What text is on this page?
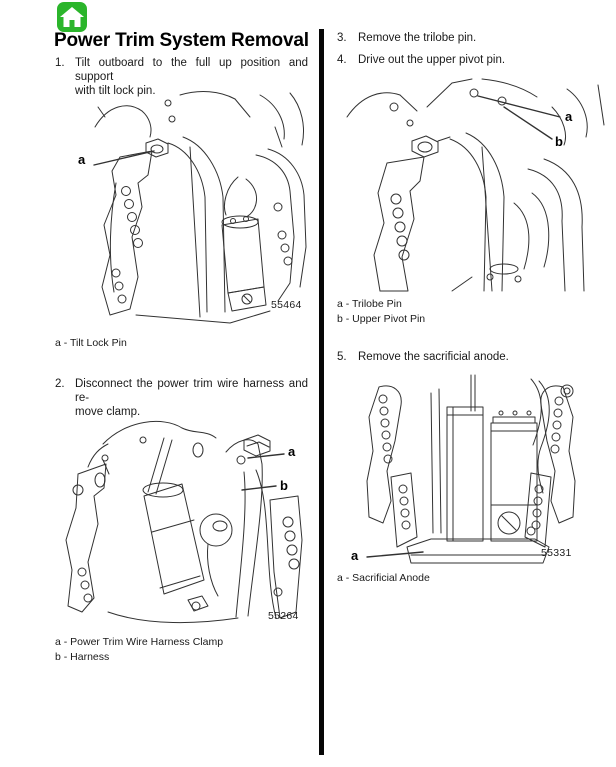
Power Trim System Removal
1. Tilt outboard to the full up position and support
with tilt lock pin.
a
55464
a - Tilt Lock Pin
2. Disconnect the power trim wire harness and re-
move clamp.
a
b
55264
a - Power Trim Wire Harness Clamp
b - Harness
3. Remove the trilobe pin.
4. Drive out the upper pivot pin.
a
b
a - Trilobe Pin
b - Upper Pivot Pin
5. Remove the sacrificial anode.
a	55331
a - Sacrificial Anode
